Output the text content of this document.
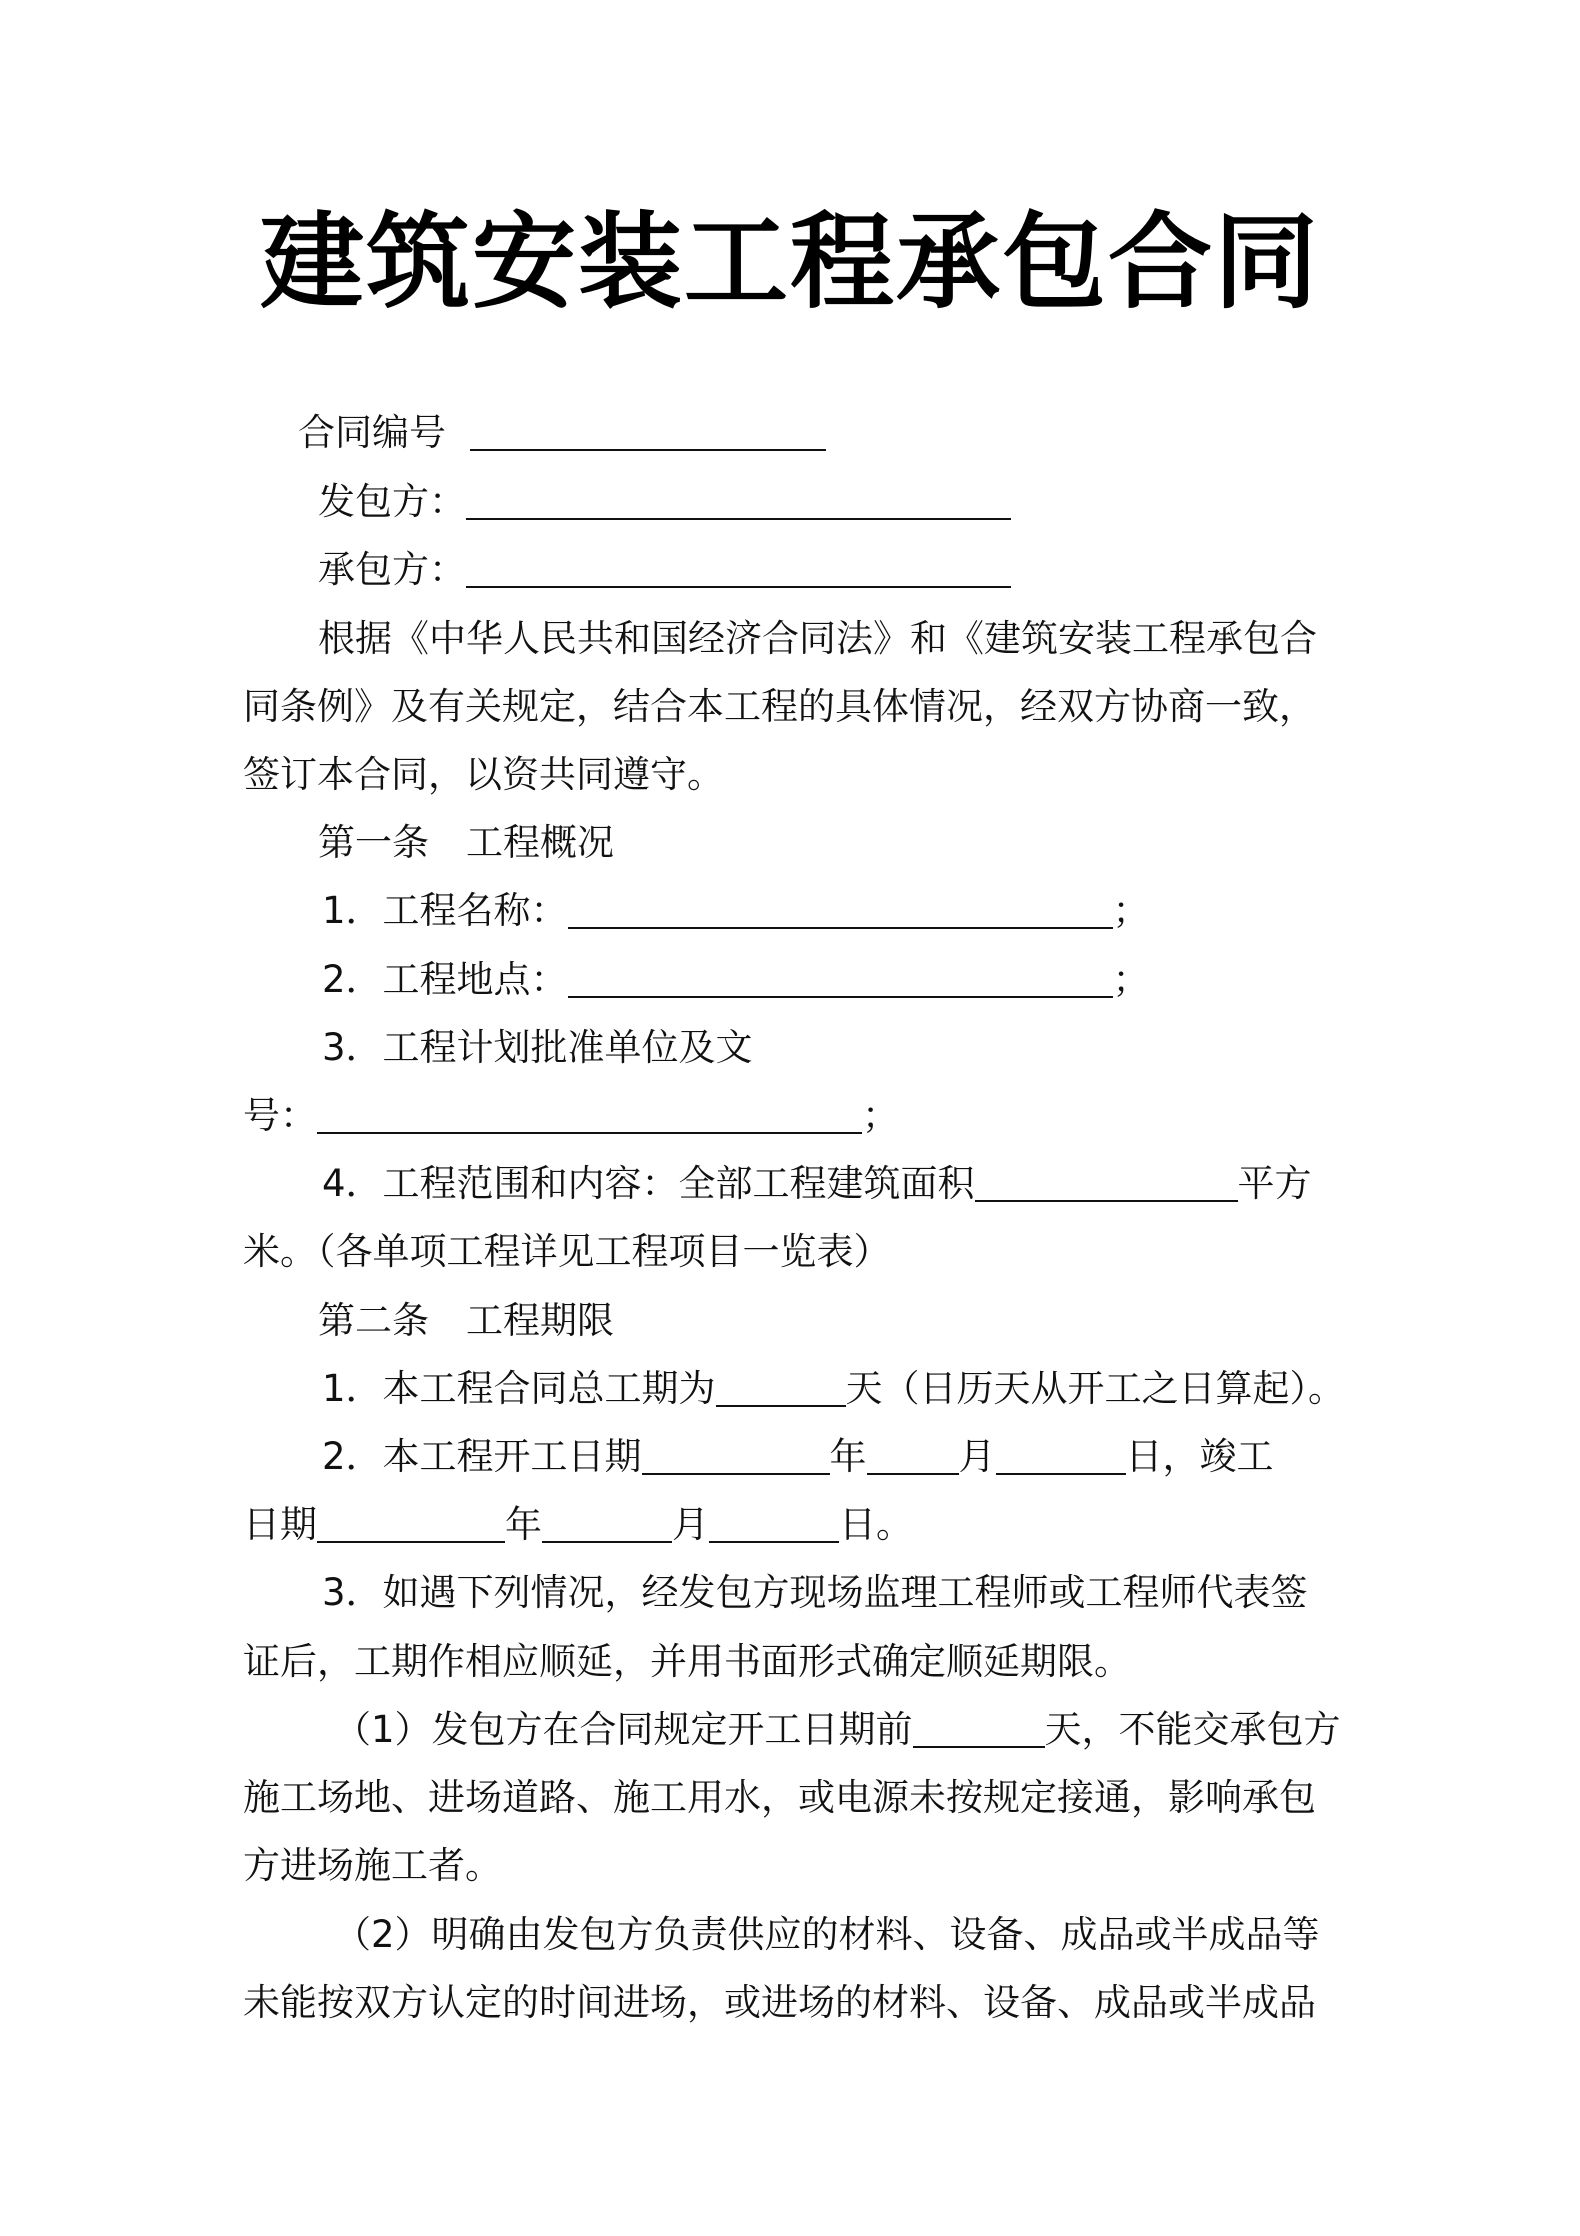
建筑安装工程承包合同
合同编号
发包方：
承包方：
根据《中华人民共和国经济合同法》和《建筑安装工程承包合
同条例》及有关规定，结合本工程的具体情况，经双方协商一致，
签订本合同，以资共同遵守。
第一条　工程概况
1．工程名称：	；
2．工程地点：	；
3．工程计划批准单位及文
号：	；
4．工程范围和内容：全部工程建筑面积	平方
米。（各单项工程详见工程项目一览表）
第二条　工程期限
1．本工程合同总工期为	天（日历天从开工之日算起）。
2．本工程开工日期	年 月	日，竣工
日期	年	月	日。
3．如遇下列情况，经发包方现场监理工程师或工程师代表签
证后，工期作相应顺延，并用书面形式确定顺延期限。
（1）发包方在合同规定开工日期前	天，不能交承包方
施工场地、进场道路、施工用水，或电源未按规定接通，影响承包
方进场施工者。
（2）明确由发包方负责供应的材料、设备、成品或半成品等
未能按双方认定的时间进场，或进场的材料、设备、成品或半成品
